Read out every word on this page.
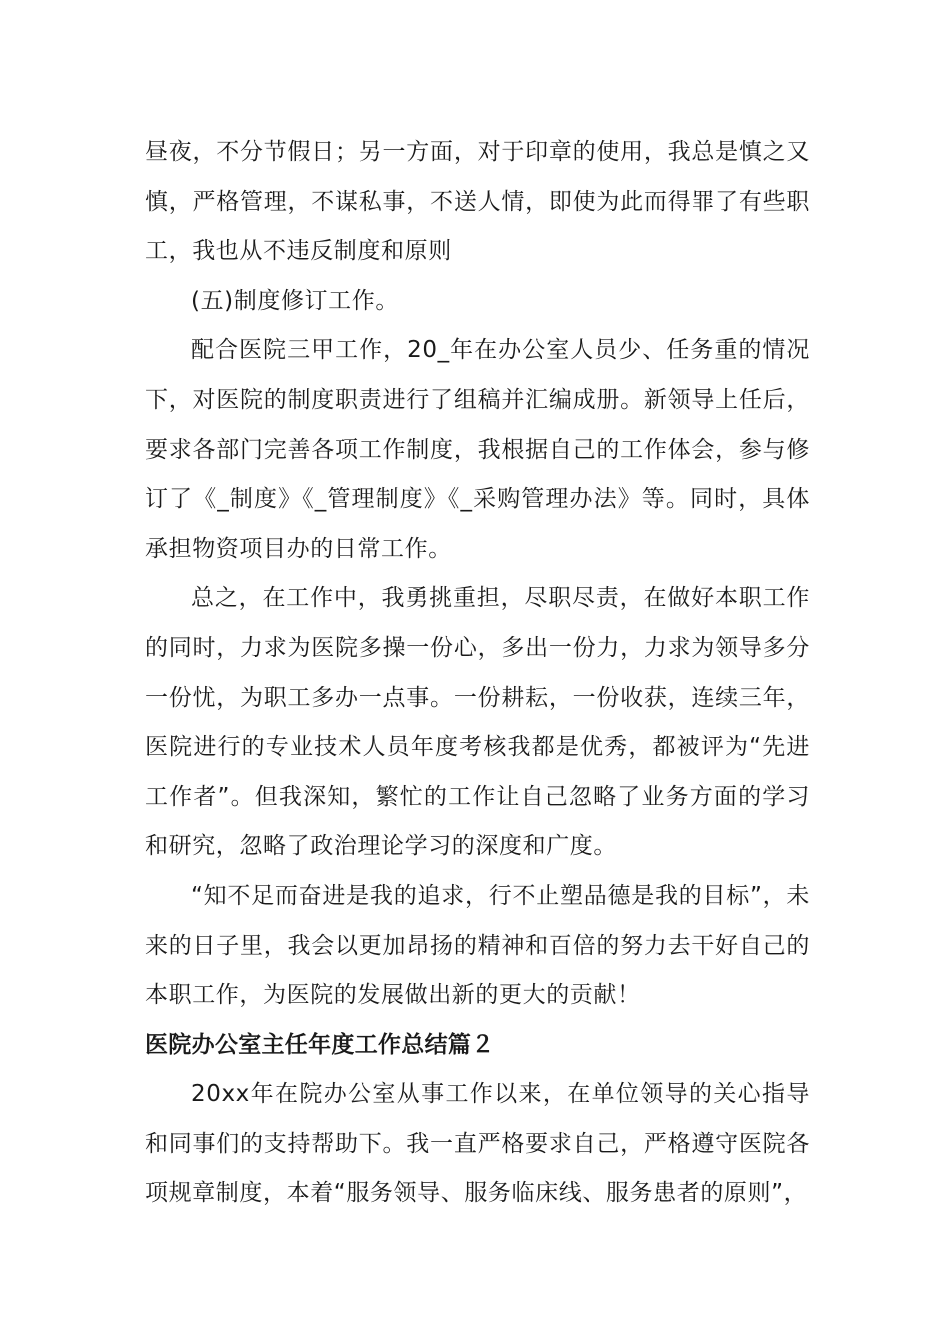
昼夜，不分节假日；另一方面，对于印章的使用，我总是慎之又慎，严格管理，不谋私事，不送人情，即使为此而得罪了有些职工，我也从不违反制度和原则

(五)制度修订工作。

配合医院三甲工作，20_年在办公室人员少、任务重的情况下，对医院的制度职责进行了组稿并汇编成册。新领导上任后，要求各部门完善各项工作制度，我根据自己的工作体会，参与修订了《_制度》《_管理制度》《_采购管理办法》等。同时，具体承担物资项目办的日常工作。

总之，在工作中，我勇挑重担，尽职尽责，在做好本职工作的同时，力求为医院多操一份心，多出一份力，力求为领导多分一份忧，为职工多办一点事。一份耕耘，一份收获，连续三年，医院进行的专业技术人员年度考核我都是优秀，都被评为“先进工作者”。但我深知，繁忙的工作让自己忽略了业务方面的学习和研究，忽略了政治理论学习的深度和广度。

“知不足而奋进是我的追求，行不止塑品德是我的目标”，未来的日子里，我会以更加昂扬的精神和百倍的努力去干好自己的本职工作，为医院的发展做出新的更大的贡献！

医院办公室主任年度工作总结篇２

20xx年在院办公室从事工作以来，在单位领导的关心指导和同事们的支持帮助下。我一直严格要求自己，严格遵守医院各项规章制度，本着“服务领导、服务临床线、服务患者的原则”，
